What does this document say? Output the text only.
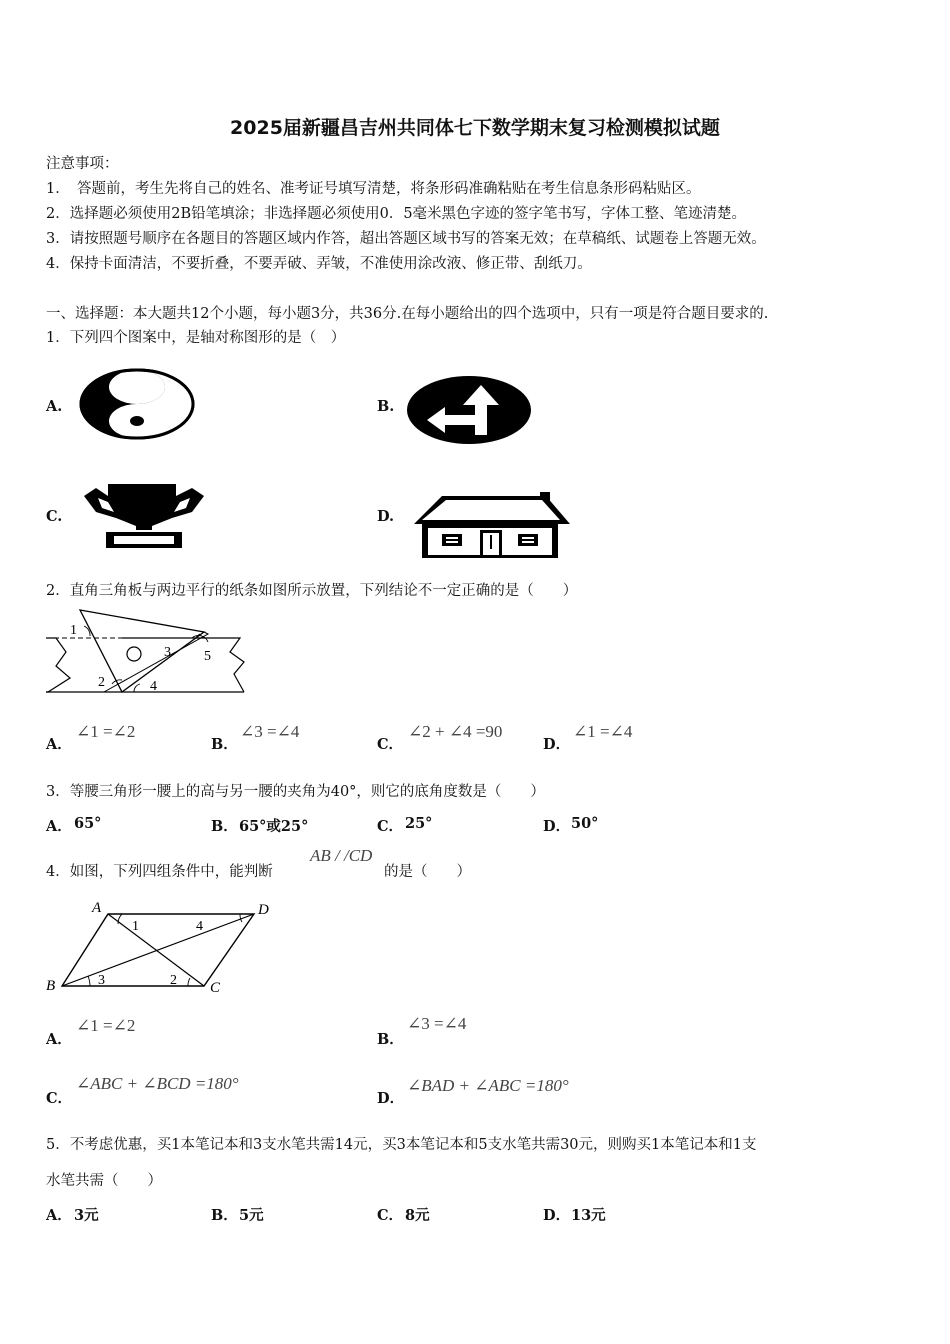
2025届新疆昌吉州共同体七下数学期末复习检测模拟试题
注意事项：
1．　答题前，考生先将自己的姓名、准考证号填写清楚，将条形码准确粘贴在考生信息条形码粘贴区。
2．选择题必须使用2B铅笔填涂；非选择题必须使用0．5毫米黑色字迹的签字笔书写，字体工整、笔迹清楚。
3．请按照题号顺序在各题目的答题区域内作答，超出答题区域书写的答案无效；在草稿纸、试题卷上答题无效。
4．保持卡面清洁，不要折叠，不要弄破、弄皱，不准使用涂改液、修正带、刮纸刀。
一、选择题：本大题共12个小题，每小题3分，共36分.在每小题给出的四个选项中，只有一项是符合题目要求的.
1．下列四个图案中，是轴对称图形的是（　）
A.	B.
C.	D.
2．直角三角板与两边平行的纸条如图所示放置，下列结论不一定正确的是（　　）
1
2
3
4
5
A．
∠1 =∠2
B．
∠3 =∠4
C．
∠2 + ∠4 =90
D．
∠1 =∠4
3．等腰三角形一腰上的高与另一腰的夹角为40°，则它的底角度数是（　　）
A． 65°	B． 65°或25°	C． 25°	D． 50°
4．如图，下列四组条件中，能判断
AB / /CD
的是（　　）
A	D
B	C
1	4
3	2
A．
∠1 =∠2
B．
∠3 =∠4
C．
∠ABC + ∠BCD =180°
D．
∠BAD + ∠ABC =180°
5．不考虑优惠，买1本笔记本和3支水笔共需14元，买3本笔记本和5支水笔共需30元，则购买1本笔记本和1支
水笔共需（　　）
A． 3元	B． 5元	C． 8元	D． 13元
